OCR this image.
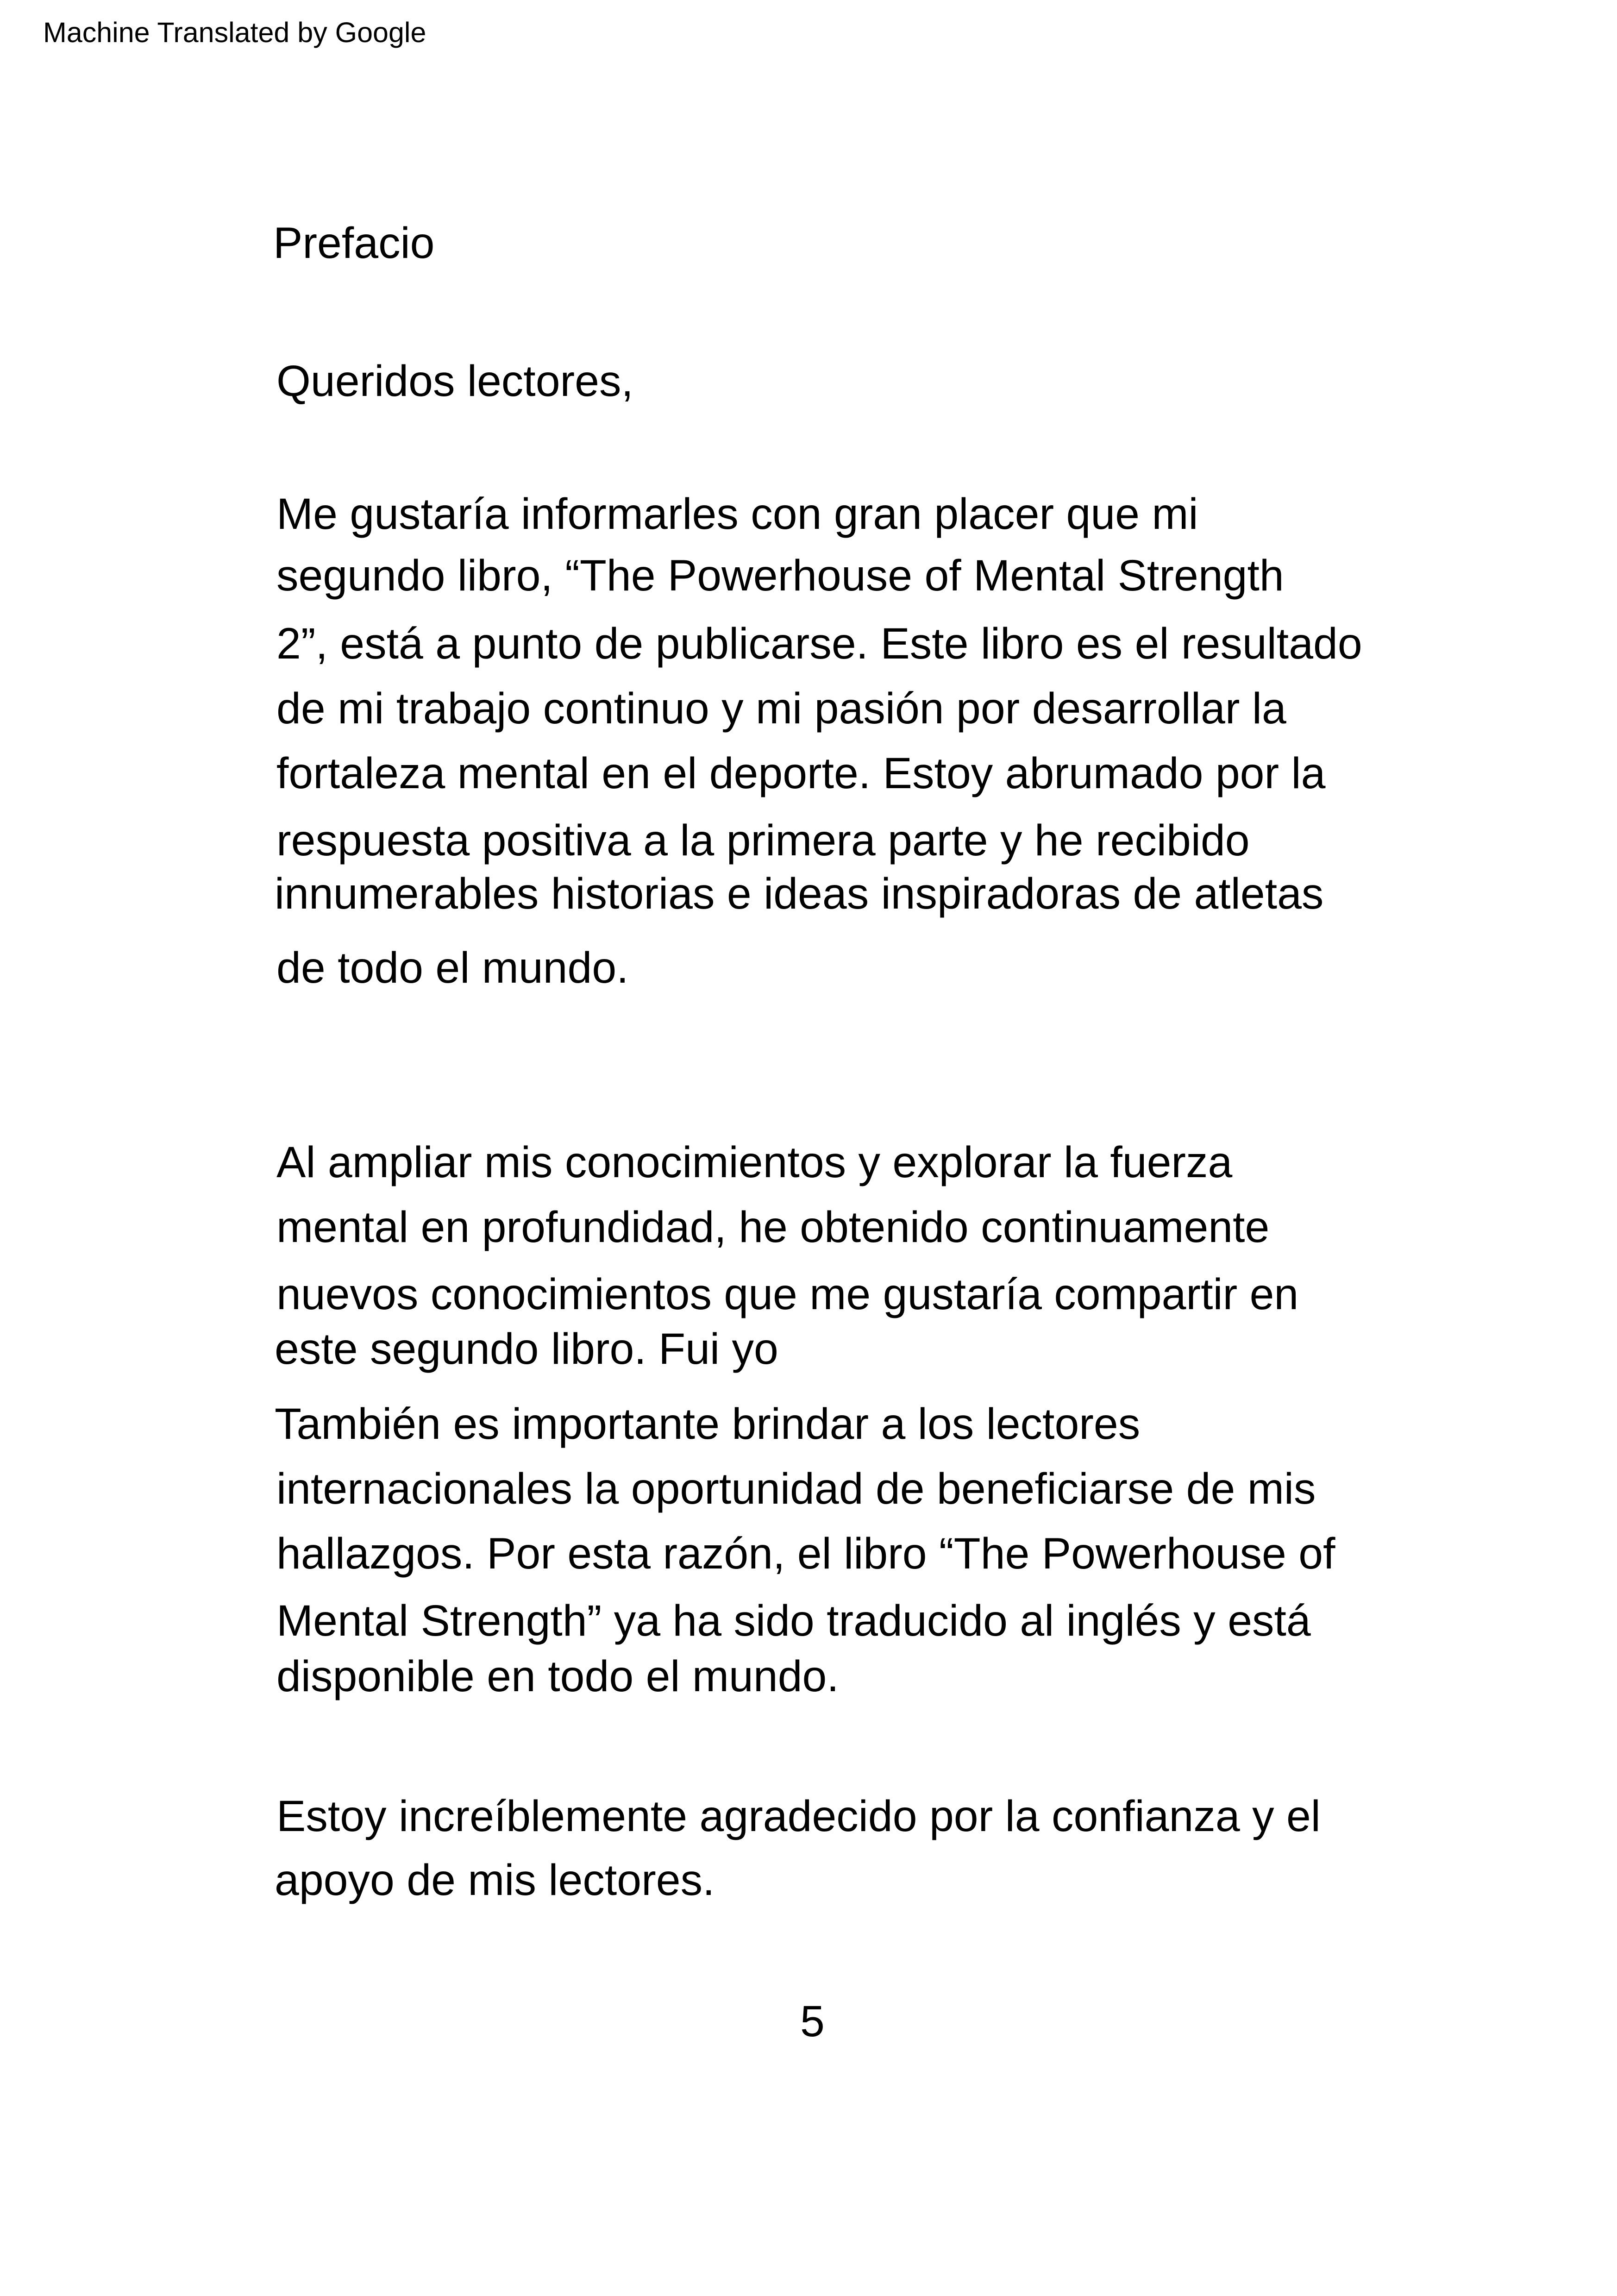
Machine Translated by Google
Prefacio
Queridos lectores,
Me gustaría informarles con gran placer que mi
segundo libro, “The Powerhouse of Mental Strength
2”, está a punto de publicarse. Este libro es el resultado
de mi trabajo continuo y mi pasión por desarrollar la
fortaleza mental en el deporte. Estoy abrumado por la
respuesta positiva a la primera parte y he recibido
innumerables historias e ideas inspiradoras de atletas
de todo el mundo.
Al ampliar mis conocimientos y explorar la fuerza
mental en profundidad, he obtenido continuamente
nuevos conocimientos que me gustaría compartir en
este segundo libro. Fui yo
También es importante brindar a los lectores
internacionales la oportunidad de beneficiarse de mis
hallazgos. Por esta razón, el libro “The Powerhouse of
Mental Strength” ya ha sido traducido al inglés y está
disponible en todo el mundo.
Estoy increíblemente agradecido por la confianza y el
apoyo de mis lectores.
5
